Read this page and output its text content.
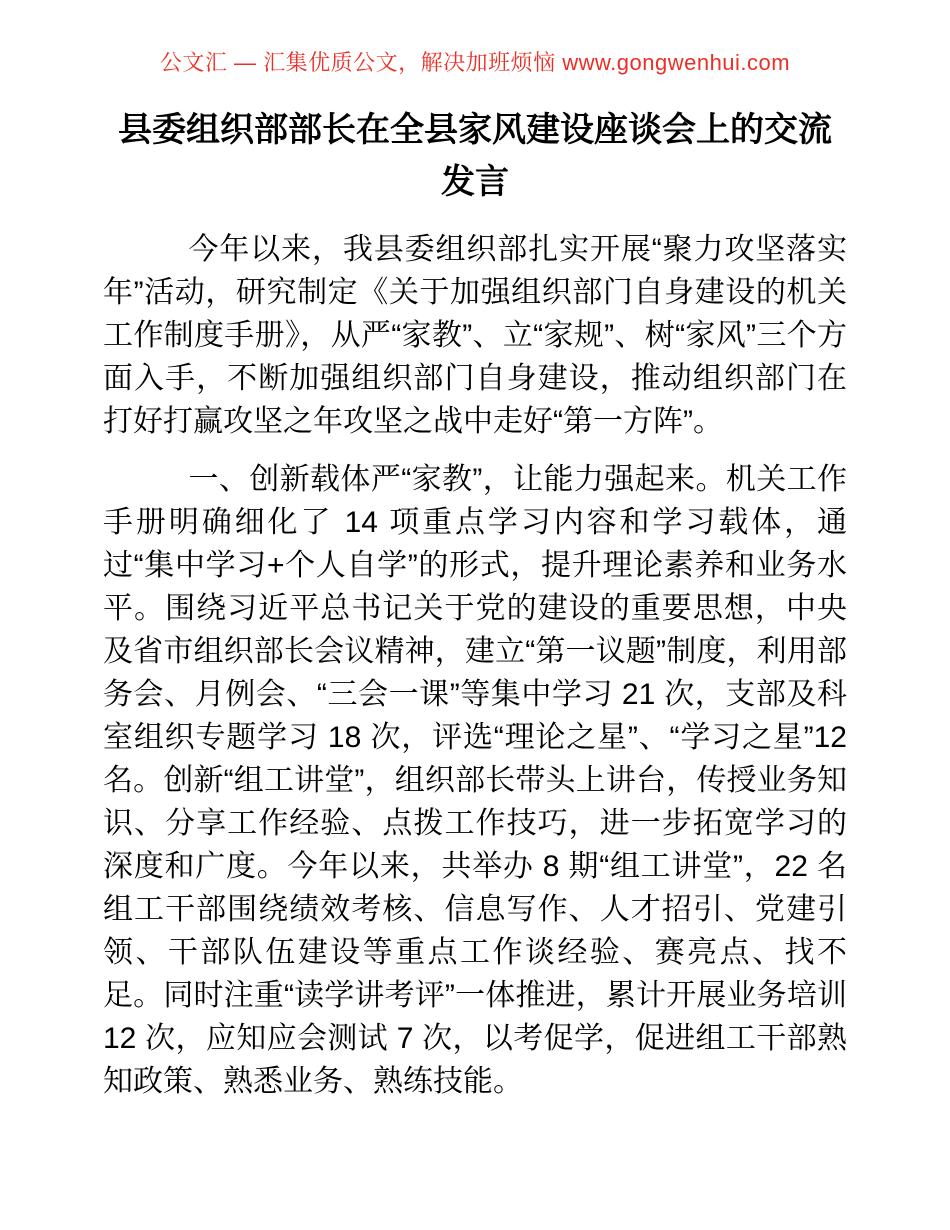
公文汇 — 汇集优质公文，解决加班烦恼 www.gongwenhui.com
县委组织部部长在全县家风建设座谈会上的交流发言

今年以来，我县委组织部扎实开展“聚力攻坚落实年”活动，研究制定《关于加强组织部门自身建设的机关工作制度手册》，从严“家教”、立“家规”、树“家风”三个方面入手，不断加强组织部门自身建设，推动组织部门在打好打赢攻坚之年攻坚之战中走好“第一方阵”。

一、创新载体严“家教”，让能力强起来。机关工作手册明确细化了 14 项重点学习内容和学习载体，通过“集中学习+个人自学”的形式，提升理论素养和业务水平。围绕习近平总书记关于党的建设的重要思想，中央及省市组织部长会议精神，建立“第一议题”制度，利用部务会、月例会、“三会一课”等集中学习 21 次，支部及科室组织专题学习 18 次，评选“理论之星”、“学习之星”12 名。创新“组工讲堂”，组织部长带头上讲台，传授业务知识、分享工作经验、点拨工作技巧，进一步拓宽学习的深度和广度。今年以来，共举办 8 期“组工讲堂”，22 名组工干部围绕绩效考核、信息写作、人才招引、党建引领、干部队伍建设等重点工作谈经验、赛亮点、找不足。同时注重“读学讲考评”一体推进，累计开展业务培训 12 次，应知应会测试 7 次，以考促学，促进组工干部熟知政策、熟悉业务、熟练技能。
